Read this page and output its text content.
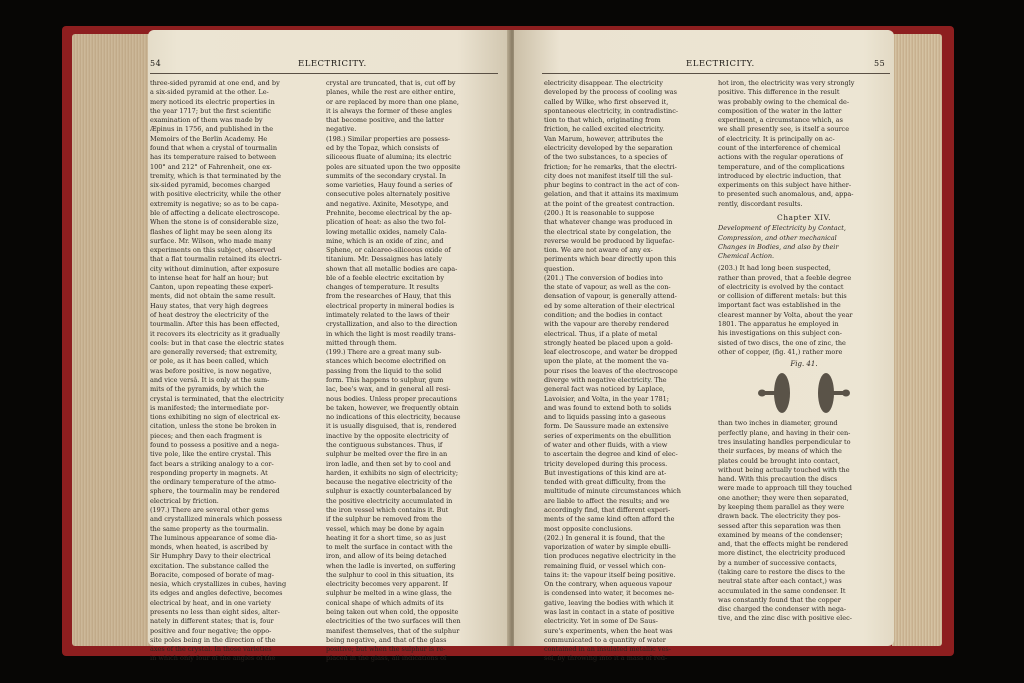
54	ELECTRICITY.

three-sided pyramid at one end, and by

a six-sided pyramid at the other. Le-

mery noticed its electric properties in

the year 1717; but the first scientific

examination of them was made by

Æpinus in 1756, and published in the

Memoirs of the Berlin Academy. He

found that when a crystal of tourmalin

has its temperature raised to between

100° and 212° of Fahrenheit, one ex-

tremity, which is that terminated by the

six-sided pyramid, becomes charged

with positive electricity, while the other

extremity is negative; so as to be capa-

ble of affecting a delicate electroscope.

When the stone is of considerable size,

flashes of light may be seen along its

surface. Mr. Wilson, who made many

experiments on this subject, observed

that a flat tourmalin retained its electri-

city without diminution, after exposure

to intense heat for half an hour; but

Canton, upon repeating these experi-

ments, did not obtain the same result.

Hauy states, that very high degrees

of heat destroy the electricity of the

tourmalin. After this has been effected,

it recovers its electricity as it gradually

cools: but in that case the electric states

are generally reversed; that extremity,

or pole, as it has been called, which

was before positive, is now negative,

and vice versâ. It is only at the sum-

mits of the pyramids, by which the

crystal is terminated, that the electricity

is manifested; the intermediate por-

tions exhibiting no sign of electrical ex-

citation, unless the stone be broken in

pieces; and then each fragment is

found to possess a positive and a nega-

tive pole, like the entire crystal. This

fact bears a striking analogy to a cor-

responding property in magnets. At

the ordinary temperature of the atmo-

sphere, the tourmalin may be rendered

electrical by friction.

(197.) There are several other gems

and crystallized minerals which possess

the same property as the tourmalin.

The luminous appearance of some dia-

monds, when heated, is ascribed by

Sir Humphry Davy to their electrical

excitation. The substance called the

Boracite, composed of borate of mag-

nesia, which crystallizes in cubes, having

its edges and angles defective, becomes

electrical by heat, and in one variety

presents no less than eight sides, alter-

nately in different states; that is, four

positive and four negative; the oppo-

site poles being in the direction of the

axes of the crystal. In those varieties

in which only four of the angles of the

crystal are truncated, that is, cut off by

planes, while the rest are either entire,

or are replaced by more than one plane,

it is always the former of these angles

that become positive, and the latter

negative.

(198.) Similar properties are possess-

ed by the Topaz, which consists of

siliceous fluate of alumina; its electric

poles are situated upon the two opposite

summits of the secondary crystal. In

some varieties, Hauy found a series of

consecutive poles alternately positive

and negative. Axinite, Mesotype, and

Prehnite, become electrical by the ap-

plication of heat: as also the two fol-

lowing metallic oxides, namely Cala-

mine, which is an oxide of zinc, and

Sphene, or calcareo-siliceous oxide of

titanium. Mr. Dessaignes has lately

shown that all metallic bodies are capa-

ble of a feeble electric excitation by

changes of temperature. It results

from the researches of Hauy, that this

electrical property in mineral bodies is

intimately related to the laws of their

crystallization, and also to the direction

in which the light is most readily trans-

mitted through them.

(199.) There are a great many sub-

stances which become electrified on

passing from the liquid to the solid

form. This happens to sulphur, gum

lac, bee's wax, and in general all resi-

nous bodies. Unless proper precautions

be taken, however, we frequently obtain

no indications of this electricity, because

it is usually disguised, that is, rendered

inactive by the opposite electricity of

the contiguous substances. Thus, if

sulphur be melted over the fire in an

iron ladle, and then set by to cool and

harden, it exhibits no sign of electricity;

because the negative electricity of the

sulphur is exactly counterbalanced by

the positive electricity accumulated in

the iron vessel which contains it. But

if the sulphur be removed from the

vessel, which may be done by again

heating it for a short time, so as just

to melt the surface in contact with the

iron, and allow of its being detached

when the ladle is inverted, on suffering

the sulphur to cool in this situation, its

electricity becomes very apparent. If

sulphur be melted in a wine glass, the

conical shape of which admits of its

being taken out when cold, the opposite

electricities of the two surfaces will then

manifest themselves, that of the sulphur

being negative, and that of the glass

positive; but when the sulphur is re-

placed in the glass, all indications of

ELECTRICITY.	55

electricity disappear. The electricity

developed by the process of cooling was

called by Wilke, who first observed it,

spontaneous electricity, in contradistinc-

tion to that which, originating from

friction, he called excited electricity.

Van Marum, however, attributes the

electricity developed by the separation

of the two substances, to a species of

friction; for he remarks, that the electri-

city does not manifest itself till the sul-

phur begins to contract in the act of con-

gelation, and that it attains its maximum

at the point of the greatest contraction.

(200.) It is reasonable to suppose

that whatever change was produced in

the electrical state by congelation, the

reverse would be produced by liquefac-

tion. We are not aware of any ex-

periments which bear directly upon this

question.

(201.) The conversion of bodies into

the state of vapour, as well as the con-

densation of vapour, is generally attend-

ed by some alteration of their electrical

condition; and the bodies in contact

with the vapour are thereby rendered

electrical. Thus, if a plate of metal

strongly heated be placed upon a gold-

leaf electroscope, and water be dropped

upon the plate, at the moment the va-

pour rises the leaves of the electroscope

diverge with negative electricity. The

general fact was noticed by Laplace,

Lavoisier, and Volta, in the year 1781;

and was found to extend both to solids

and to liquids passing into a gaseous

form. De Saussure made an extensive

series of experiments on the ebullition

of water and other fluids, with a view

to ascertain the degree and kind of elec-

tricity developed during this process.

But investigations of this kind are at-

tended with great difficulty, from the

multitude of minute circumstances which

are liable to affect the results; and we

accordingly find, that different experi-

ments of the same kind often afford the

most opposite conclusions.

(202.) In general it is found, that the

vaporization of water by simple ebulli-

tion produces negative electricity in the

remaining fluid, or vessel which con-

tains it: the vapour itself being positive.

On the contrary, when aqueous vapour

is condensed into water, it becomes ne-

gative, leaving the bodies with which it

was last in contact in a state of positive

electricity. Yet in some of De Saus-

sure's experiments, when the heat was

communicated to a quantity of water

contained in an insulated metallic ves-

sel, by throwing into it a mass of red-

hot iron, the electricity was very strongly

positive. This difference in the result

was probably owing to the chemical de-

composition of the water in the latter

experiment, a circumstance which, as

we shall presently see, is itself a source

of electricity. It is principally on ac-

count of the interference of chemical

actions with the regular operations of

temperature, and of the complications

introduced by electric induction, that

experiments on this subject have hither-

to presented such anomalous, and, appa-

rently, discordant results.

Chapter XIV.

Development of Electricity by Contact,

Compression, and other mechanical

Changes in Bodies, and also by their

Chemical Action.

(203.) It had long been suspected,

rather than proved, that a feeble degree

of electricity is evolved by the contact

or collision of different metals: but this

important fact was established in the

clearest manner by Volta, about the year

1801. The apparatus he employed in

his investigations on this subject con-

sisted of two discs, the one of zinc, the

other of copper, (fig. 41,) rather more

Fig. 41.

than two inches in diameter, ground

perfectly plane, and having in their cen-

tres insulating handles perpendicular to

their surfaces, by means of which the

plates could be brought into contact,

without being actually touched with the

hand. With this precaution the discs

were made to approach till they touched

one another; they were then separated,

by keeping them parallel as they were

drawn back. The electricity they pos-

sessed after this separation was then

examined by means of the condenser;

and, that the effects might be rendered

more distinct, the electricity produced

by a number of successive contacts,

(taking care to restore the discs to the

neutral state after each contact,) was

accumulated in the same condenser. It

was constantly found that the copper

disc charged the condenser with nega-

tive, and the zinc disc with positive elec-
